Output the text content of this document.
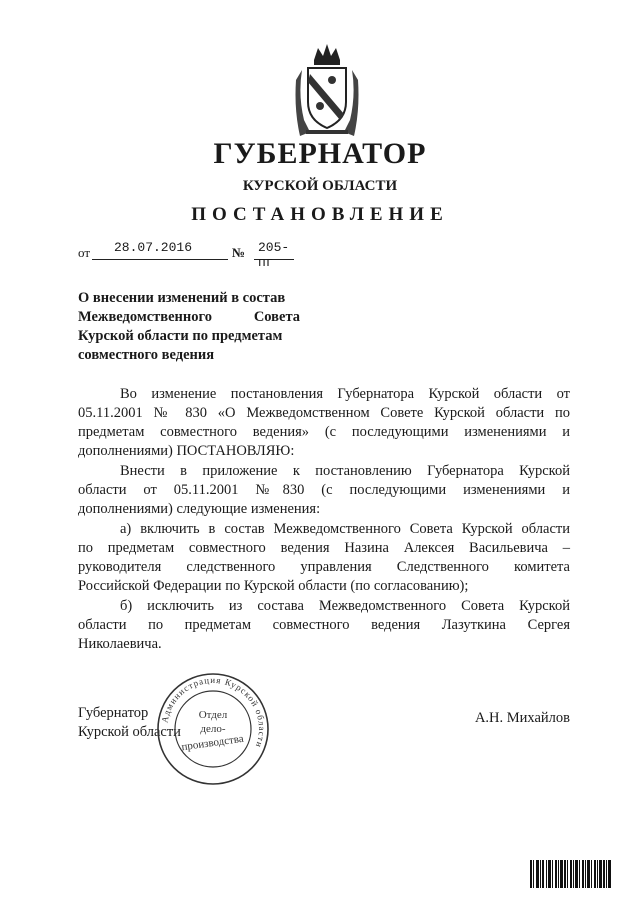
ГУБЕРНАТОР
КУРСКОЙ ОБЛАСТИ
ПОСТАНОВЛЕНИЕ
от 28.07.2016	№ 205-пг
О внесении изменений в состав
Межведомственного	Совета
Курской области по предметам
совместного ведения
Во изменение постановления Губернатора Курской области от
05.11.2001 № 830 «О Межведомственном Совете Курской области по
предметам совместного ведения» (с последующими изменениями и
дополнениями) ПОСТАНОВЛЯЮ:
Внести в приложение к постановлению Губернатора Курской
области от 05.11.2001 №830 (с последующими изменениями и
дополнениями) следующие изменения:
а) включить в состав Межведомственного Совета Курской области
по предметам совместного ведения Назина Алексея Васильевича –
руководителя следственного управления Следственного комитета
Российской Федерации по Курской области (по согласованию);
б) исключить из состава Межведомственного Совета Курской
области по предметам совместного ведения Лазуткина Сергея
Николаевича.
Губернатор
Курской области
А.Н. Михайлов
Администрация Курской области
Отдел
дело-
производства
